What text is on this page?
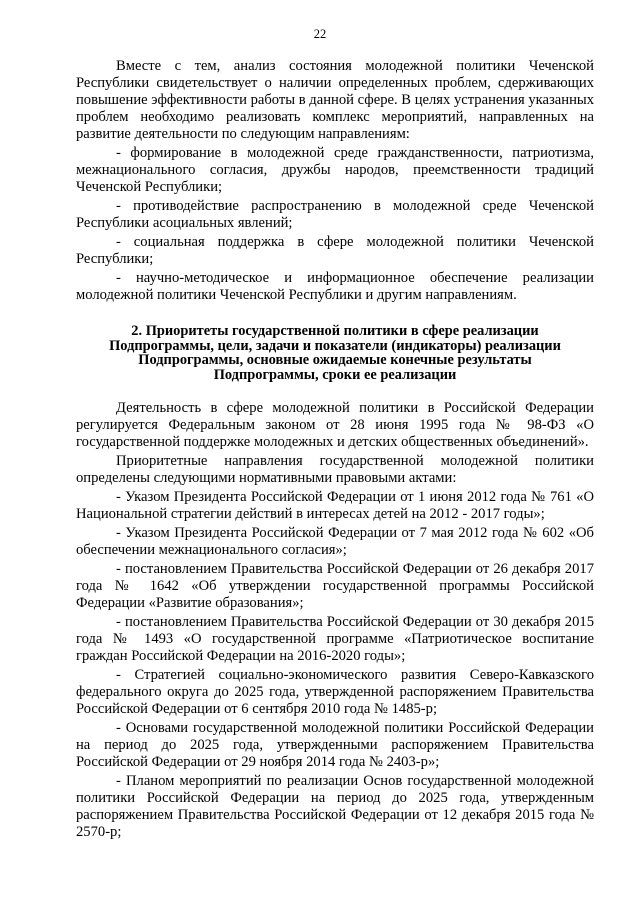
22

Вместе с тем, анализ состояния молодежной политики Чеченской Республики свидетельствует о наличии определенных проблем, сдерживающих повышение эффективности работы в данной сфере. В целях устранения указанных проблем необходимо реализовать комплекс мероприятий, направленных на развитие деятельности по следующим направлениям:

- формирование в молодежной среде гражданственности, патриотизма, межнационального согласия, дружбы народов, преемственности традиций Чеченской Республики;

- противодействие распространению в молодежной среде Чеченской Республики асоциальных явлений;

- социальная поддержка в сфере молодежной политики Чеченской Республики;

- научно-методическое и информационное обеспечение реализации молодежной политики Чеченской Республики и другим направлениям.

2. Приоритеты государственной политики в сфере реализации
Подпрограммы, цели, задачи и показатели (индикаторы) реализации
Подпрограммы, основные ожидаемые конечные результаты
Подпрограммы, сроки ее реализации

Деятельность в сфере молодежной политики в Российской Федерации регулируется Федеральным законом от 28 июня 1995 года № 98-ФЗ «О государственной поддержке молодежных и детских общественных объединений».

Приоритетные направления государственной молодежной политики определены следующими нормативными правовыми актами:

- Указом Президента Российской Федерации от 1 июня 2012 года № 761 «О Национальной стратегии действий в интересах детей на 2012 - 2017 годы»;

- Указом Президента Российской Федерации от 7 мая 2012 года № 602 «Об обеспечении межнационального согласия»;

- постановлением Правительства Российской Федерации от 26 декабря 2017 года № 1642 «Об утверждении государственной программы Российской Федерации «Развитие образования»;

- постановлением Правительства Российской Федерации от 30 декабря 2015 года № 1493 «О государственной программе «Патриотическое воспитание граждан Российской Федерации на 2016-2020 годы»;

- Стратегией социально-экономического развития Северо-Кавказского федерального округа до 2025 года, утвержденной распоряжением Правительства Российской Федерации от 6 сентября 2010 года № 1485-р;

- Основами государственной молодежной политики Российской Федерации на период до 2025 года, утвержденными распоряжением Правительства Российской Федерации от 29 ноября 2014 года № 2403-р»;

- Планом мероприятий по реализации Основ государственной молодежной политики Российской Федерации на период до 2025 года, утвержденным распоряжением Правительства Российской Федерации от 12 декабря 2015 года № 2570-р;
